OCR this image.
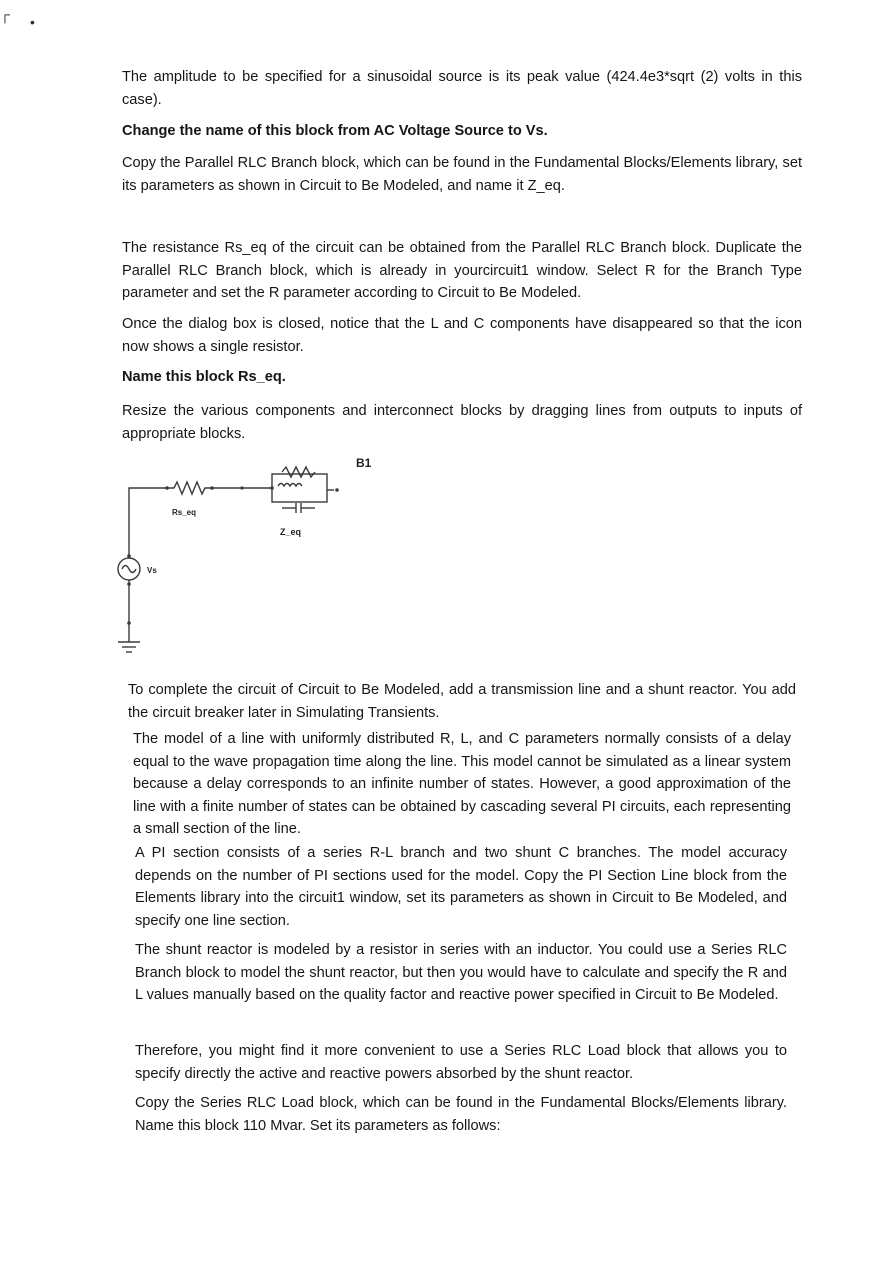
┌ •

The amplitude to be specified for a sinusoidal source is its peak value (424.4e3*sqrt (2) volts in this case).

Change the name of this block from AC Voltage Source to Vs.

Copy the Parallel RLC Branch block, which can be found in the Fundamental Blocks/Elements library, set its parameters as shown in Circuit to Be Modeled, and name it Z_eq.

The resistance Rs_eq of the circuit can be obtained from the Parallel RLC Branch block. Duplicate the Parallel RLC Branch block, which is already in yourcircuit1 window. Select R for the Branch Type parameter and set the R parameter according to Circuit to Be Modeled.

Once the dialog box is closed, notice that the L and C components have disappeared so that the icon now shows a single resistor.

Name this block Rs_eq.

Resize the various components and interconnect blocks by dragging lines from outputs to inputs of appropriate blocks.

B1
Rs_eq
Z_eq
Vs

To complete the circuit of Circuit to Be Modeled, add a transmission line and a shunt reactor. You add the circuit breaker later in Simulating Transients.

The model of a line with uniformly distributed R, L, and C parameters normally consists of a delay equal to the wave propagation time along the line. This model cannot be simulated as a linear system because a delay corresponds to an infinite number of states. However, a good approximation of the line with a finite number of states can be obtained by cascading several PI circuits, each representing a small section of the line.

A PI section consists of a series R-L branch and two shunt C branches. The model accuracy depends on the number of PI sections used for the model. Copy the PI Section Line block from the Elements library into the circuit1 window, set its parameters as shown in Circuit to Be Modeled, and specify one line section.

The shunt reactor is modeled by a resistor in series with an inductor. You could use a Series RLC Branch block to model the shunt reactor, but then you would have to calculate and specify the R and L values manually based on the quality factor and reactive power specified in Circuit to Be Modeled.

Therefore, you might find it more convenient to use a Series RLC Load block that allows you to specify directly the active and reactive powers absorbed by the shunt reactor.

Copy the Series RLC Load block, which can be found in the Fundamental Blocks/Elements library. Name this block 110 Mvar. Set its parameters as follows:
